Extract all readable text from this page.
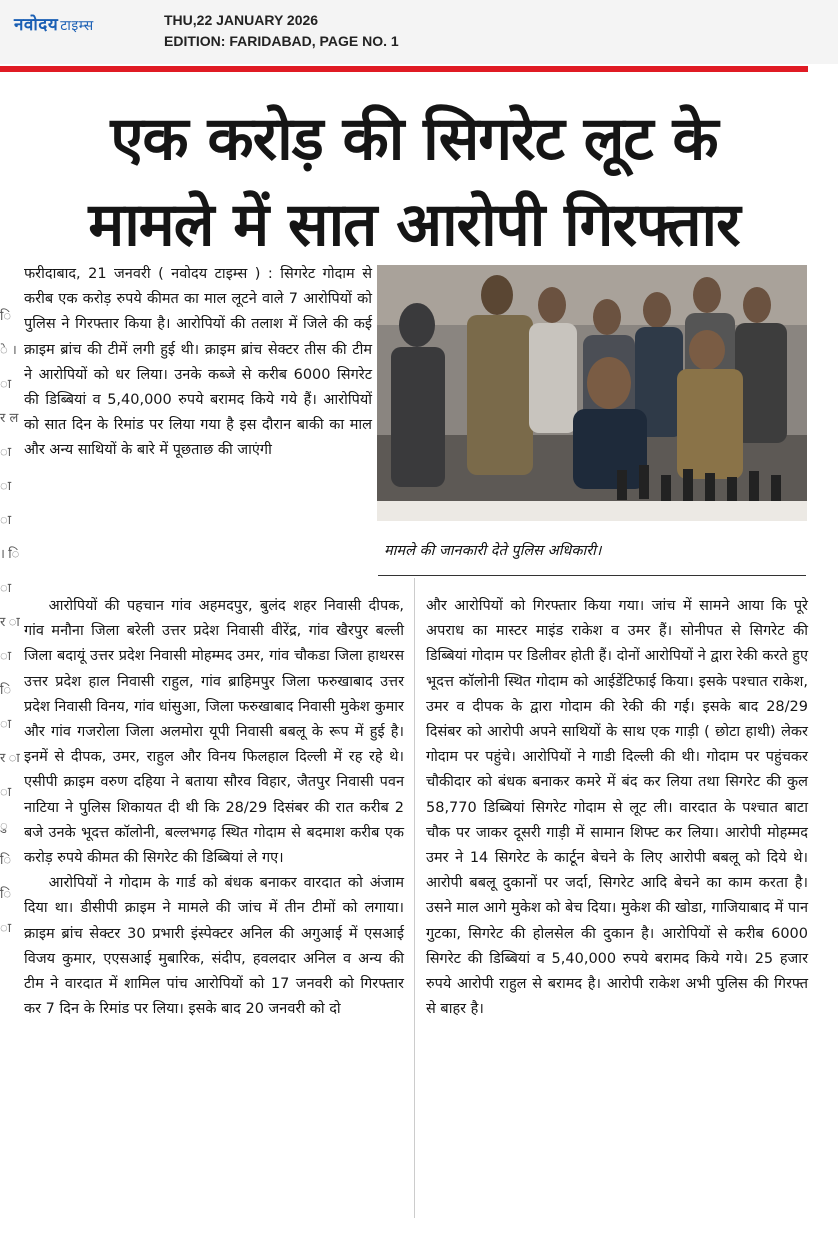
नवोदय टाइम्स	THU,22 JANUARY 2026
EDITION: FARIDABAD, PAGE NO. 1
एक करोड़ की सिगरेट लूट के
मामले में सात आरोपी गिरफ्तार
ि े । ा र ल ा ा ा । ि ा र ा ा ि ा र ा ा ु ि ि ा

फरीदाबाद, 21 जनवरी ( नवोदय टाइम्स ) : सिगरेट गोदाम से करीब एक करोड़ रुपये कीमत का माल लूटने वाले 7 आरोपियों को पुलिस ने गिरफ्तार किया है। आरोपियों की तलाश में जिले की कई क्राइम ब्रांच की टीमें लगी हुई थी। क्राइम ब्रांच सेक्टर तीस की टीम ने आरोपियों को धर लिया। उनके कब्जे से करीब 6000 सिगरेट की डिब्बियां व 5,40,000 रुपये बरामद किये गये हैं। आरोपियों को सात दिन के रिमांड पर लिया गया है इस दौरान बाकी का माल और अन्य साथियों के बारे में पूछताछ की जाएंगी

मामले की जानकारी देते पुलिस अधिकारी।

आरोपियों की पहचान गांव अहमदपुर, बुलंद शहर निवासी दीपक, गांव मनौना जिला बरेली उत्तर प्रदेश निवासी वीरेंद्र, गांव खैरपुर बल्ली जिला बदायूं उत्तर प्रदेश निवासी मोहम्मद उमर, गांव चौकडा जिला हाथरस उत्तर प्रदेश हाल निवासी राहुल, गांव ब्राहिमपुर जिला फरुखाबाद उत्तर प्रदेश निवासी विनय, गांव धांसुआ, जिला फरुखाबाद निवासी मुकेश कुमार और गांव गजरोला जिला अलमोरा यूपी निवासी बबलू के रूप में हुई है। इनमें से दीपक, उमर, राहुल और विनय फिलहाल दिल्ली में रह रहे थे। एसीपी क्राइम वरुण दहिया ने बताया सौरव विहार, जैतपुर निवासी पवन नाटिया ने पुलिस शिकायत दी थी कि 28/29 दिसंबर की रात करीब 2 बजे उनके भूदत्त कॉलोनी, बल्लभगढ़ स्थित गोदाम से बदमाश करीब एक करोड़ रुपये कीमत की सिगरेट की डिब्बियां ले गए।

आरोपियों ने गोदाम के गार्ड को बंधक बनाकर वारदात को अंजाम दिया था। डीसीपी क्राइम ने मामले की जांच में तीन टीमों को लगाया। क्राइम ब्रांच सेक्टर 30 प्रभारी इंस्पेक्टर अनिल की अगुआई में एसआई विजय कुमार, एएसआई मुबारिक, संदीप, हवलदार अनिल व अन्य की टीम ने वारदात में शामिल पांच आरोपियों को 17 जनवरी को गिरफ्तार कर 7 दिन के रिमांड पर लिया। इसके बाद 20 जनवरी को दो

और आरोपियों को गिरफ्तार किया गया। जांच में सामने आया कि पूरे अपराध का मास्टर माइंड राकेश व उमर हैं। सोनीपत से सिगरेट की डिब्बियां गोदाम पर डिलीवर होती हैं। दोनों आरोपियों ने द्वारा रेकी करते हुए भूदत्त कॉलोनी स्थित गोदाम को आईडेंटिफाई किया। इसके पश्चात राकेश, उमर व दीपक के द्वारा गोदाम की रेकी की गई। इसके बाद 28/29 दिसंबर को आरोपी अपने साथियों के साथ एक गाड़ी ( छोटा हाथी) लेकर गोदाम पर पहुंचे। आरोपियों ने गाडी दिल्ली की थी। गोदाम पर पहुंचकर चौकीदार को बंधक बनाकर कमरे में बंद कर लिया तथा सिगरेट की कुल 58,770 डिब्बियां सिगरेट गोदाम से लूट ली। वारदात के पश्चात बाटा चौक पर जाकर दूसरी गाड़ी में सामान शिफ्ट कर लिया। आरोपी मोहम्मद उमर ने 14 सिगरेट के कार्टून बेचने के लिए आरोपी बबलू को दिये थे। आरोपी बबलू दुकानों पर जर्दा, सिगरेट आदि बेचने का काम करता है। उसने माल आगे मुकेश को बेच दिया। मुकेश की खोडा, गाजियाबाद में पान गुटका, सिगरेट की होलसेल की दुकान है। आरोपियों से करीब 6000 सिगरेट की डिब्बियां व 5,40,000 रुपये बरामद किये गये। 25 हजार रुपये आरोपी राहुल से बरामद है। आरोपी राकेश अभी पुलिस की गिरफ्त से बाहर है।
